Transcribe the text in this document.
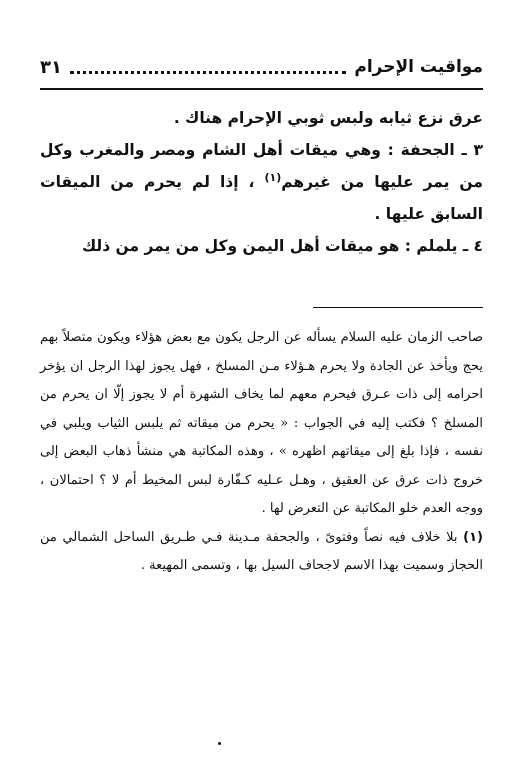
مواقيت الإحرام
٣١

عرق نزع ثيابه ولبس ثوبي الإحرام هناك .

٣ ـ الجحفة : وهي ميقات أهل الشام ومصر والمغرب وكل من يمر عليها من غيرهم$^{(١)}$ ، إذا لم يحرم من الميقات السابق عليها .

٤ ـ يلملم : هو ميقات أهل اليمن وكل من يمر من ذلك

صاحب الزمان عليه السلام يسأله عن الرجل يكون مع بعض هؤلاء ويكون متصلاً بهم يحج ويأخذ عن الجادة ولا يحرم هـؤلاء مـن المسلخ ، فهل يجوز لهذا الرجل ان يؤخر احرامه إلى ذات عـرق فيحرم معهم لما يخاف الشهرة أم لا يجوز إلّا ان يحرم من المسلخ ؟ فكتب إليه في الجواب : « يحرم من ميقاته ثم يلبس الثياب ويلبي في نفسه ، فإذا بلغ إلى ميقاتهم اظهره » ، وهذه المكاتبة هي منشأ ذهاب البعض إلى خروج ذات عرق عن العقيق ، وهـل عـليه كـفّارة لبس المخيط أم لا ؟ احتمالان ، ووجه العدم خلو المكاتبة عن التعرض لها .

(١) بلا خلاف فيه نصاً وفتوىً ، والجحفة مـدينة فـي طـريق الساحل الشمالي من الحجاز وسميت بهذا الاسم لاجحاف السيل بها ، وتسمى المهيعة .
